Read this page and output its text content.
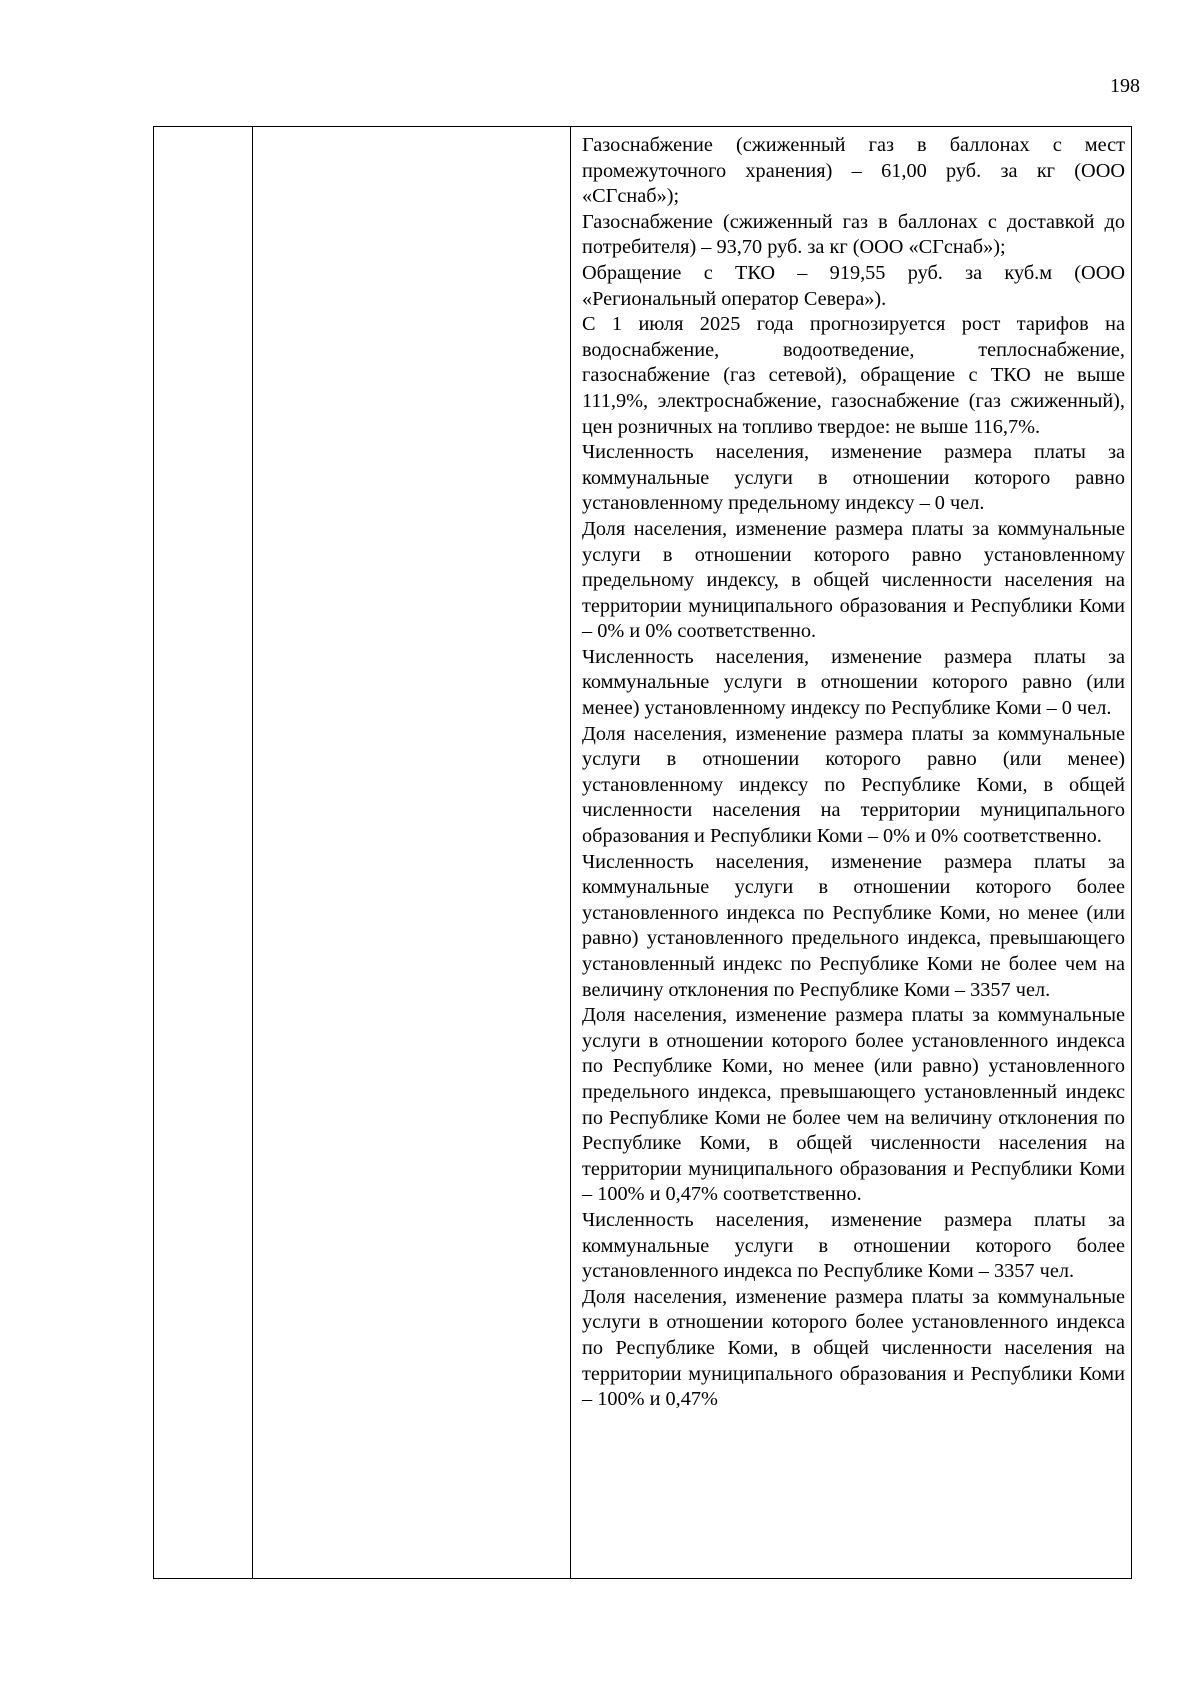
198

Газоснабжение (сжиженный газ в баллонах с мест промежуточного хранения) – 61,00 руб. за кг (ООО «СГснаб»);

Газоснабжение (сжиженный газ в баллонах с доставкой до потребителя) – 93,70 руб. за кг (ООО «СГснаб»);

Обращение с ТКО – 919,55 руб. за куб.м (ООО «Региональный оператор Севера»).

С 1 июля 2025 года прогнозируется рост тарифов на водоснабжение, водоотведение, теплоснабжение, газоснабжение (газ сетевой), обращение с ТКО не выше 111,9%, электроснабжение, газоснабжение (газ сжиженный), цен розничных на топливо твердое: не выше 116,7%.

Численность населения, изменение размера платы за коммунальные услуги в отношении которого равно установленному предельному индексу – 0 чел.

Доля населения, изменение размера платы за коммунальные услуги в отношении которого равно установленному предельному индексу, в общей численности населения на территории муниципального образования и Республики Коми – 0% и 0% соответственно.

Численность населения, изменение размера платы за коммунальные услуги в отношении которого равно (или менее) установленному индексу по Республике Коми – 0 чел.

Доля населения, изменение размера платы за коммунальные услуги в отношении которого равно (или менее) установленному индексу по Республике Коми, в общей численности населения на территории муниципального образования и Республики Коми – 0% и 0% соответственно.

Численность населения, изменение размера платы за коммунальные услуги в отношении которого более установленного индекса по Республике Коми, но менее (или равно) установленного предельного индекса, превышающего установленный индекс по Республике Коми не более чем на величину отклонения по Республике Коми – 3357 чел.

Доля населения, изменение размера платы за коммунальные услуги в отношении которого более установленного индекса по Республике Коми, но менее (или равно) установленного предельного индекса, превышающего установленный индекс по Республике Коми не более чем на величину отклонения по Республике Коми, в общей численности населения на территории муниципального образования и Республики Коми – 100% и 0,47% соответственно.

Численность населения, изменение размера платы за коммунальные услуги в отношении которого более установленного индекса по Республике Коми – 3357 чел.

Доля населения, изменение размера платы за коммунальные услуги в отношении которого более установленного индекса по Республике Коми, в общей численности населения на территории муниципального образования и Республики Коми – 100% и 0,47%
